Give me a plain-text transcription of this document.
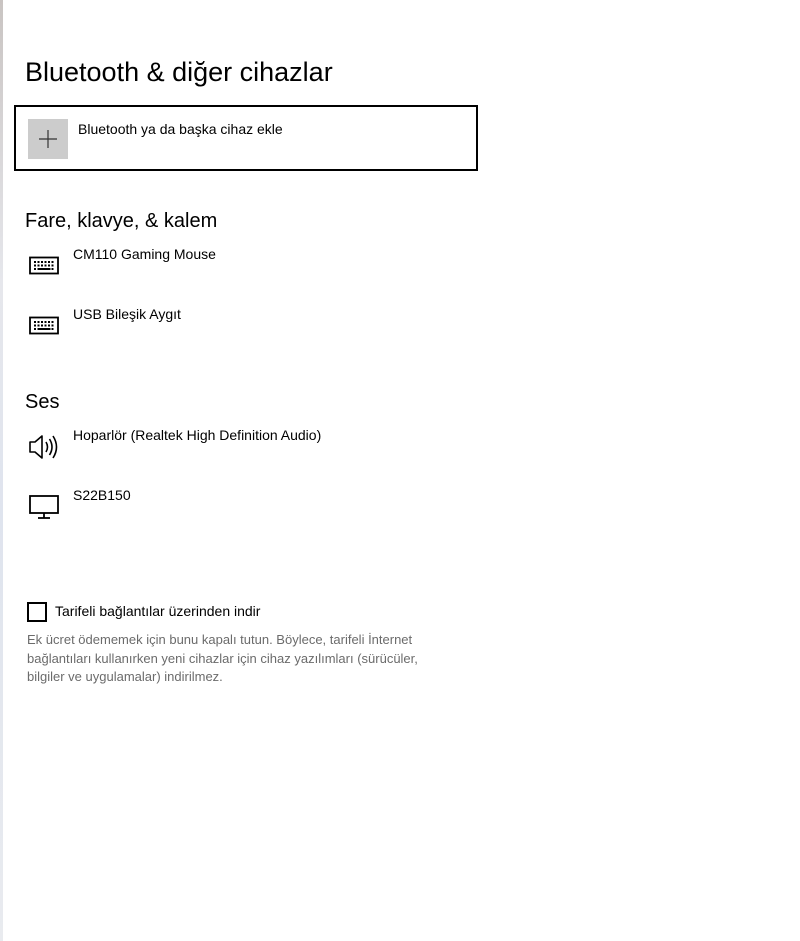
Bluetooth & diğer cihazlar
Bluetooth ya da başka cihaz ekle
Fare, klavye, & kalem
CM110 Gaming Mouse
USB Bileşik Aygıt
Ses
Hoparlör (Realtek High Definition Audio)
S22B150
Tarifeli bağlantılar üzerinden indir
Ek ücret ödememek için bunu kapalı tutun. Böylece, tarifeli İnternet bağlantıları kullanırken yeni cihazlar için cihaz yazılımları (sürücüler, bilgiler ve uygulamalar) indirilmez.
